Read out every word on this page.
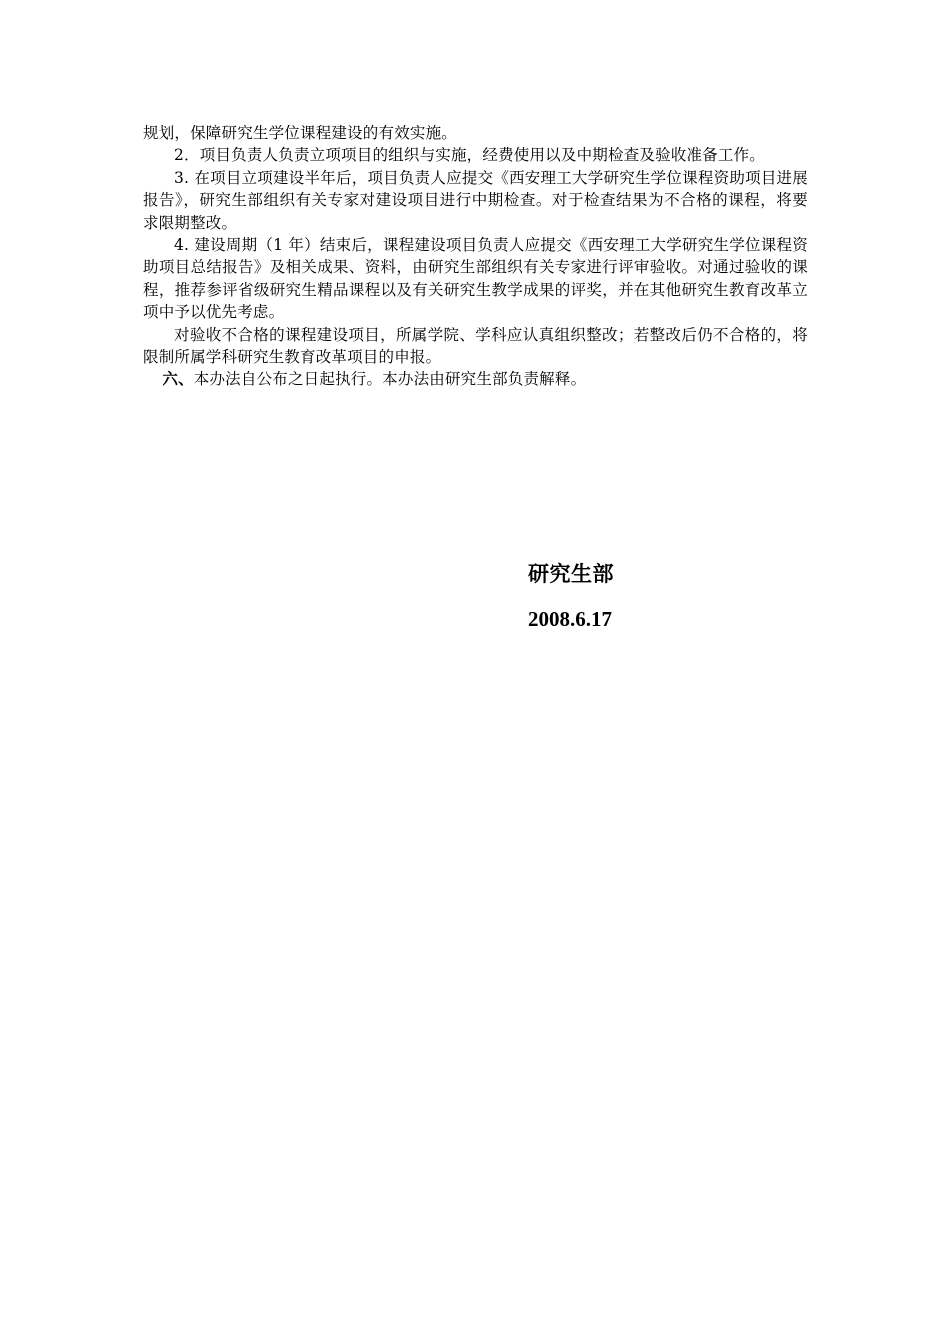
规划，保障研究生学位课程建设的有效实施。

2．项目负责人负责立项项目的组织与实施，经费使用以及中期检查及验收准备工作。

3. 在项目立项建设半年后，项目负责人应提交《西安理工大学研究生学位课程资助项目进展报告》，研究生部组织有关专家对建设项目进行中期检查。对于检查结果为不合格的课程，将要求限期整改。

4. 建设周期（1 年）结束后，课程建设项目负责人应提交《西安理工大学研究生学位课程资助项目总结报告》及相关成果、资料，由研究生部组织有关专家进行评审验收。对通过验收的课程，推荐参评省级研究生精品课程以及有关研究生教学成果的评奖，并在其他研究生教育改革立项中予以优先考虑。

对验收不合格的课程建设项目，所属学院、学科应认真组织整改；若整改后仍不合格的，将限制所属学科研究生教育改革项目的申报。

六、本办法自公布之日起执行。本办法由研究生部负责解释。

研究生部
2008.6.17
